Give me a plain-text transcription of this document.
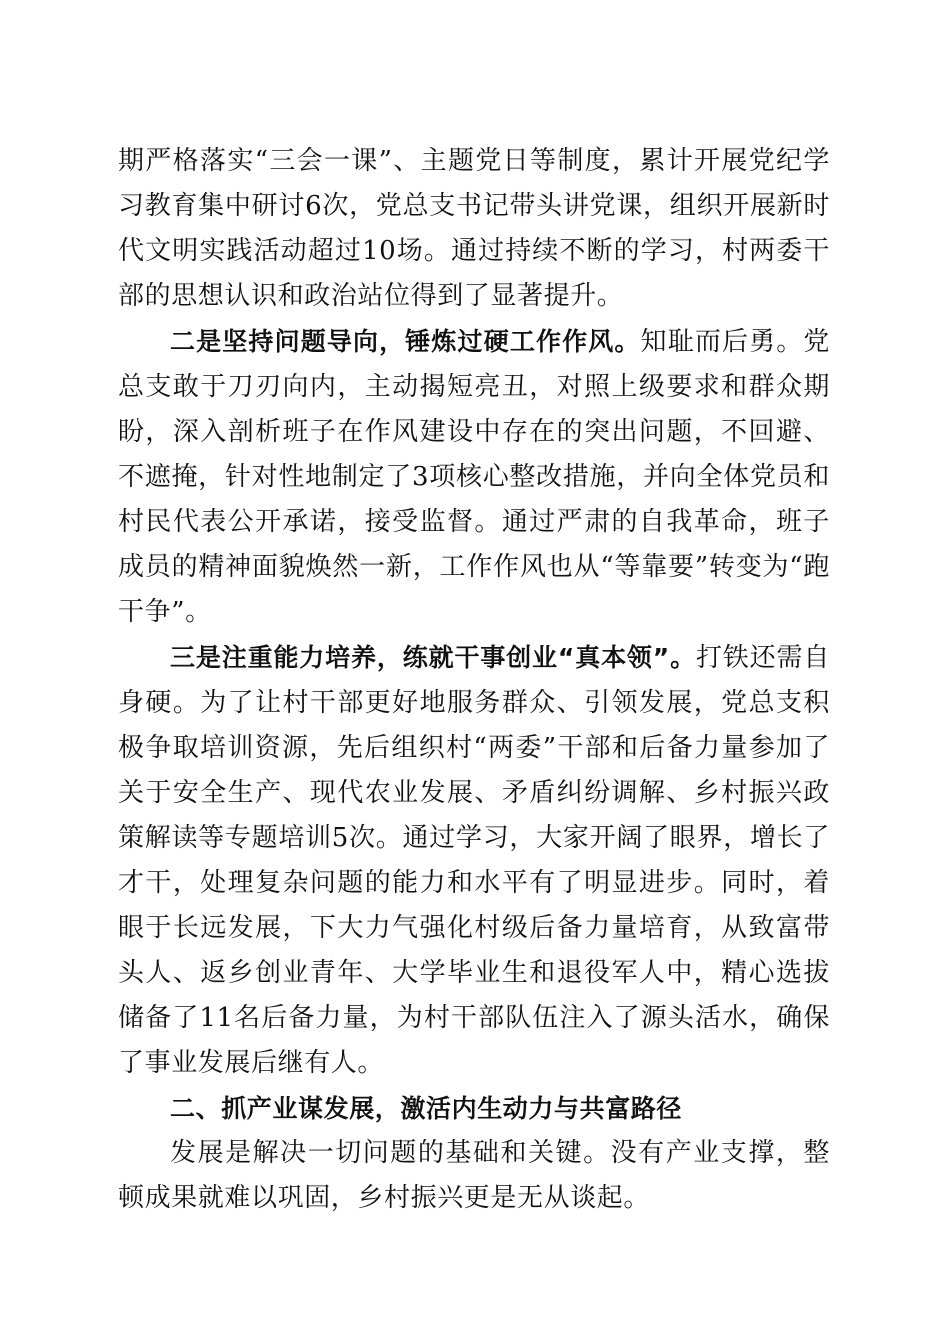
期严格落实“三会一课”、主题党日等制度，累计开展党纪学习教育集中研讨6次，党总支书记带头讲党课，组织开展新时代文明实践活动超过10场。通过持续不断的学习，村两委干部的思想认识和政治站位得到了显著提升。

二是坚持问题导向，锤炼过硬工作作风。知耻而后勇。党总支敢于刀刃向内，主动揭短亮丑，对照上级要求和群众期盼，深入剖析班子在作风建设中存在的突出问题，不回避、不遮掩，针对性地制定了3项核心整改措施，并向全体党员和村民代表公开承诺，接受监督。通过严肃的自我革命，班子成员的精神面貌焕然一新，工作作风也从“等靠要”转变为“跑干争”。

三是注重能力培养，练就干事创业“真本领”。打铁还需自身硬。为了让村干部更好地服务群众、引领发展，党总支积极争取培训资源，先后组织村“两委”干部和后备力量参加了关于安全生产、现代农业发展、矛盾纠纷调解、乡村振兴政策解读等专题培训5次。通过学习，大家开阔了眼界，增长了才干，处理复杂问题的能力和水平有了明显进步。同时，着眼于长远发展，下大力气强化村级后备力量培育，从致富带头人、返乡创业青年、大学毕业生和退役军人中，精心选拔储备了11名后备力量，为村干部队伍注入了源头活水，确保了事业发展后继有人。

二、抓产业谋发展，激活内生动力与共富路径

发展是解决一切问题的基础和关键。没有产业支撑，整顿成果就难以巩固，乡村振兴更是无从谈起。
